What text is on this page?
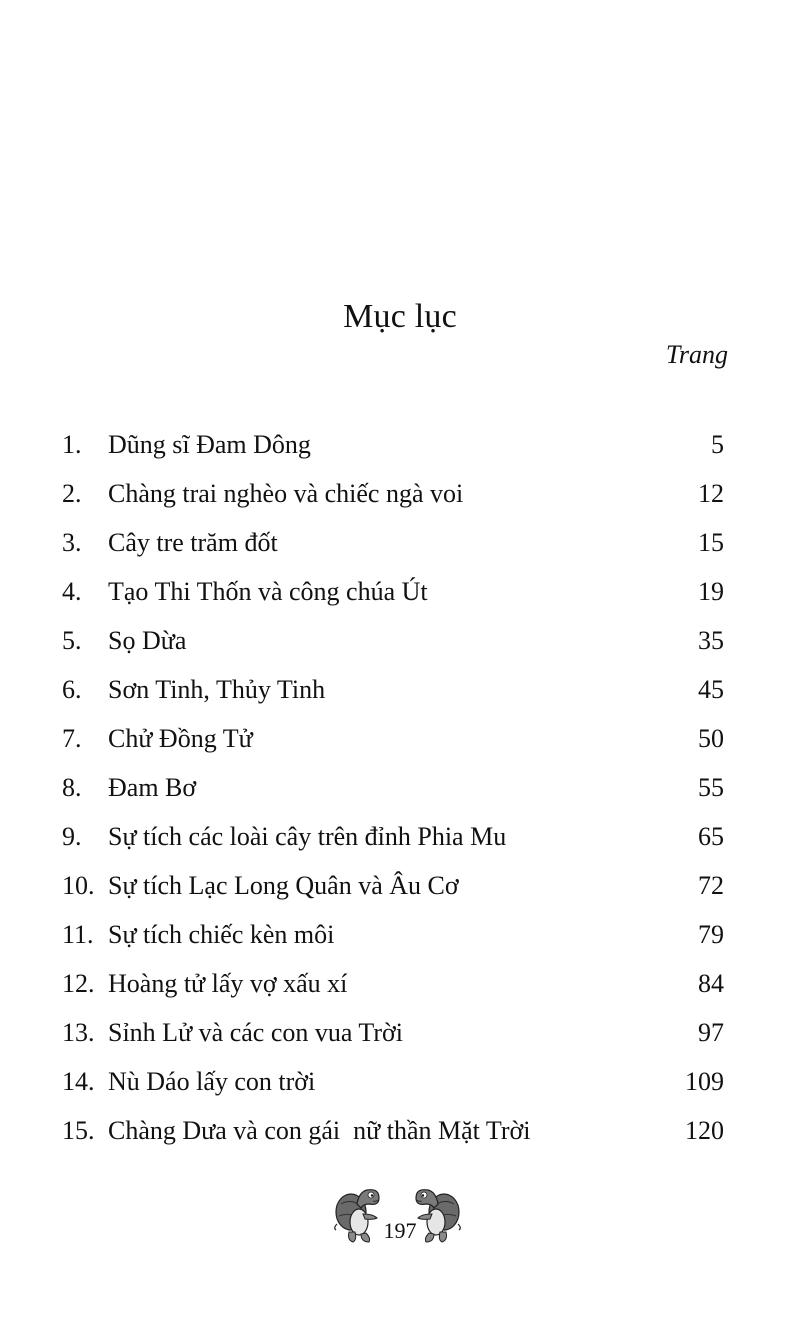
Mục lục
Trang
1.	Dũng sĩ Đam Dông	5
2.	Chàng trai nghèo và chiếc ngà voi	12
3.	Cây tre trăm đốt	15
4.	Tạo Thi Thốn và công chúa Út	19
5.	Sọ Dừa	35
6.	Sơn Tinh, Thủy Tinh	45
7.	Chử Đồng Tử	50
8.	Đam Bơ	55
9.	Sự tích các loài cây trên đỉnh Phia Mu	65
10. Sự tích Lạc Long Quân và Âu Cơ	72
11. Sự tích chiếc kèn môi	79
12. Hoàng tử lấy vợ xấu xí	84
13. Sỉnh Lử và các con vua Trời	97
14. Nù Dáo lấy con trời	109
15. Chàng Dưa và con gái  nữ thần Mặt Trời	120
197
